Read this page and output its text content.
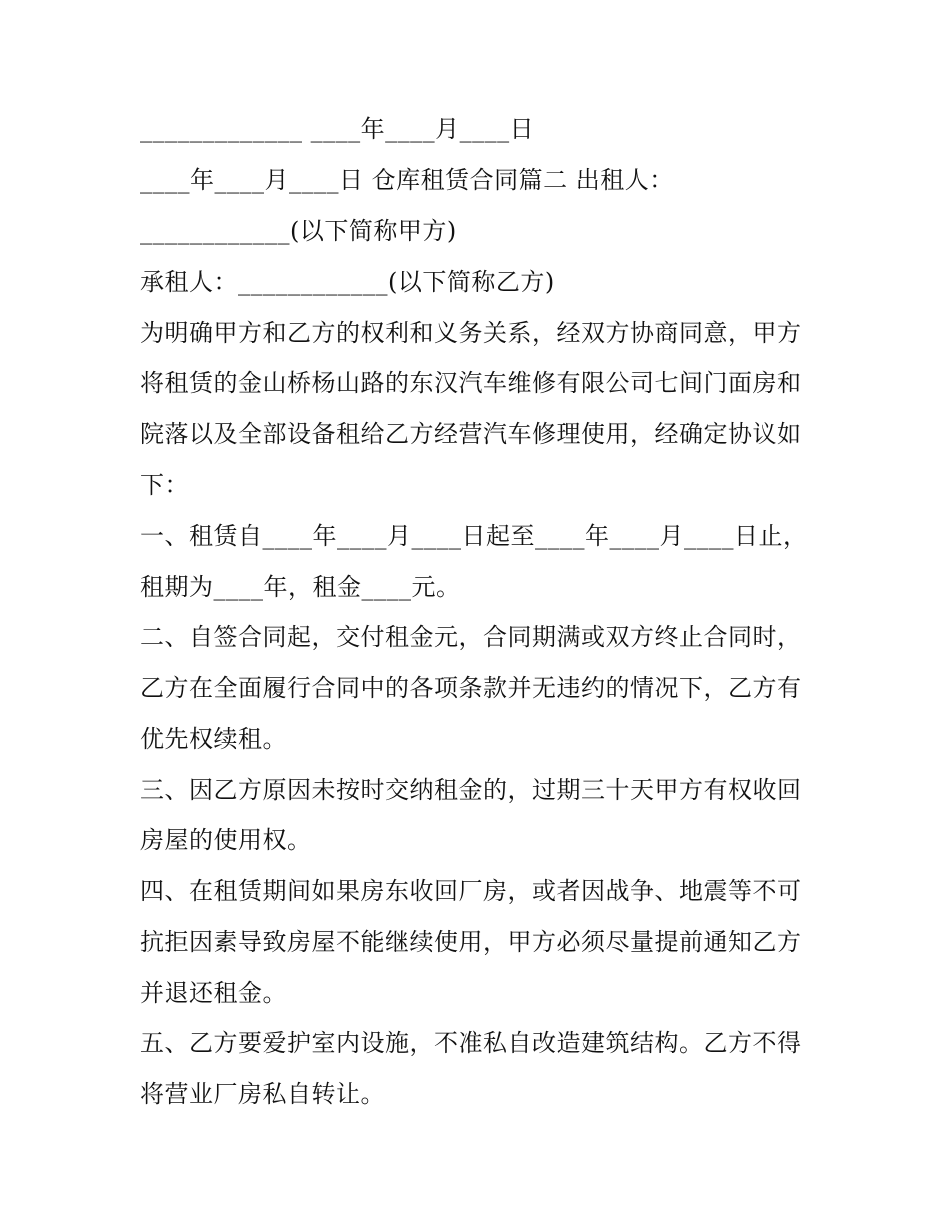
_____________ ____年____月____日
____年____月____日 仓库租赁合同篇二 出租人：
____________(以下简称甲方)
承租人：____________(以下简称乙方)
为明确甲方和乙方的权利和义务关系，经双方协商同意，甲方
将租赁的金山桥杨山路的东汉汽车维修有限公司七间门面房和
院落以及全部设备租给乙方经营汽车修理使用，经确定协议如
下：
一、租赁自____年____月____日起至____年____月____日止，
租期为____年，租金____元。
二、自签合同起，交付租金元，合同期满或双方终止合同时，
乙方在全面履行合同中的各项条款并无违约的情况下，乙方有
优先权续租。
三、因乙方原因未按时交纳租金的，过期三十天甲方有权收回
房屋的使用权。
四、在租赁期间如果房东收回厂房，或者因战争、地震等不可
抗拒因素导致房屋不能继续使用，甲方必须尽量提前通知乙方
并退还租金。
五、乙方要爱护室内设施，不准私自改造建筑结构。乙方不得
将营业厂房私自转让。
